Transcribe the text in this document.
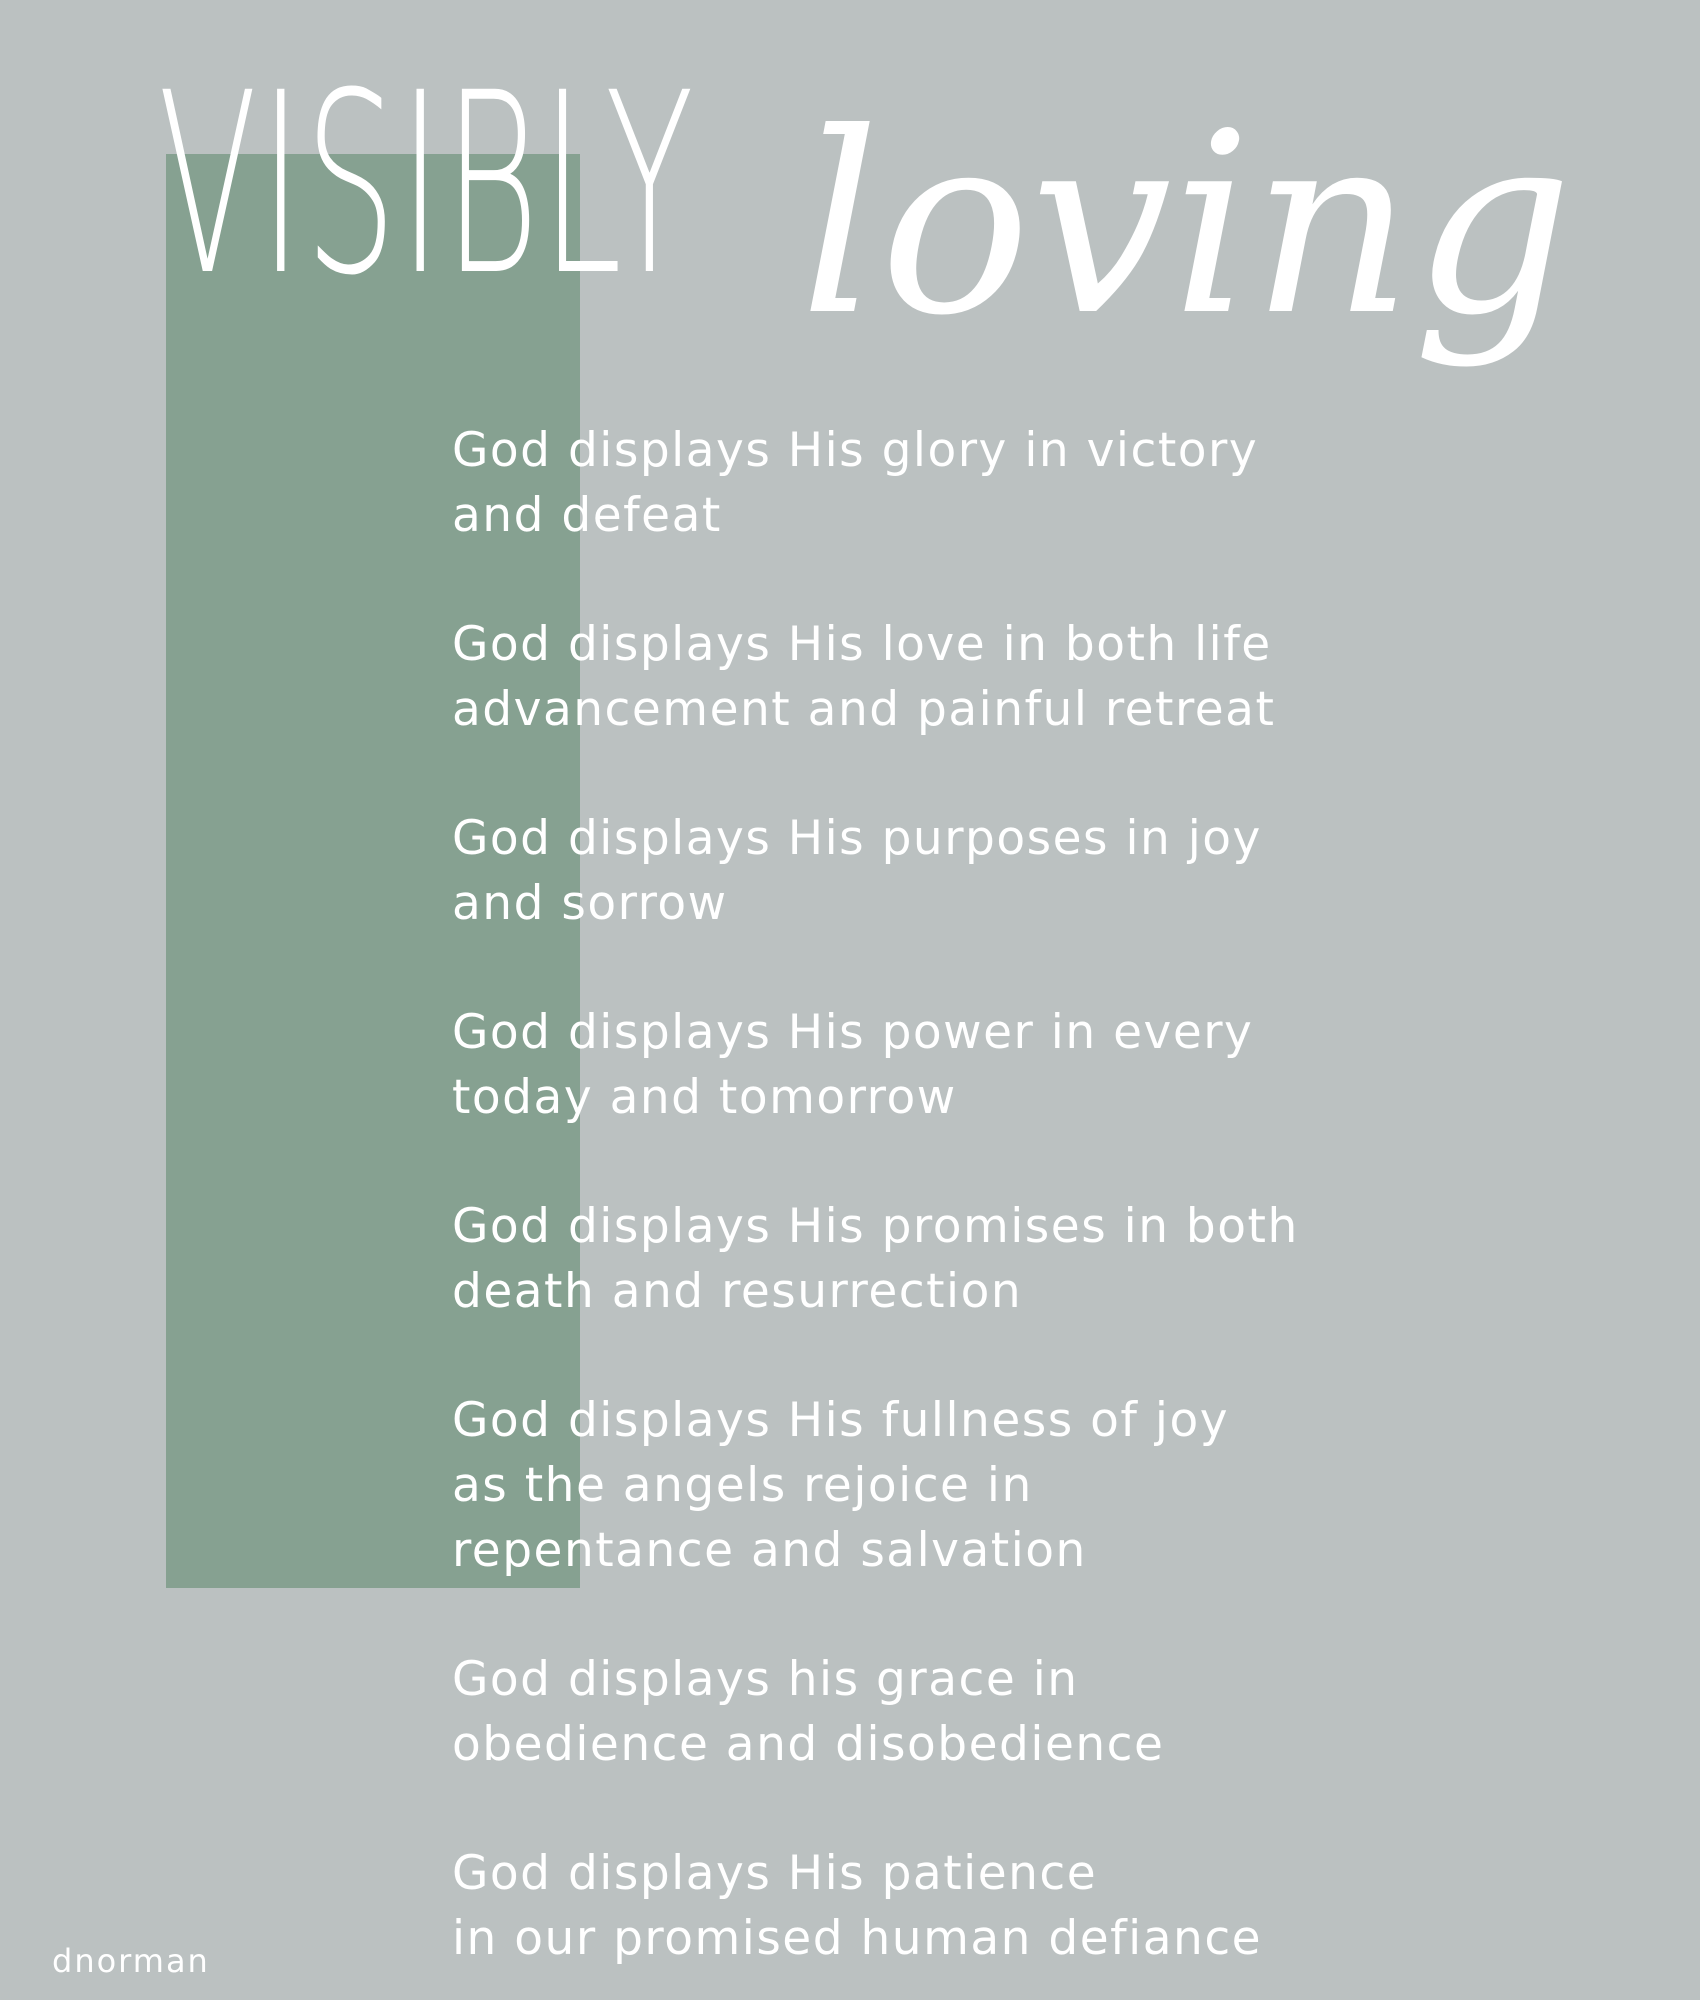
VISIBLY loving

God displays His glory in victory
and defeat

God displays His love in both life
advancement and painful retreat

God displays His purposes in joy
and sorrow

God displays His power in every
today and tomorrow

God displays His promises in both
death and resurrection

God displays His fullness of joy
as the angels rejoice in
repentance and salvation

God displays his grace in
obedience and disobedience

God displays His patience
in our promised human defiance

dnorman
